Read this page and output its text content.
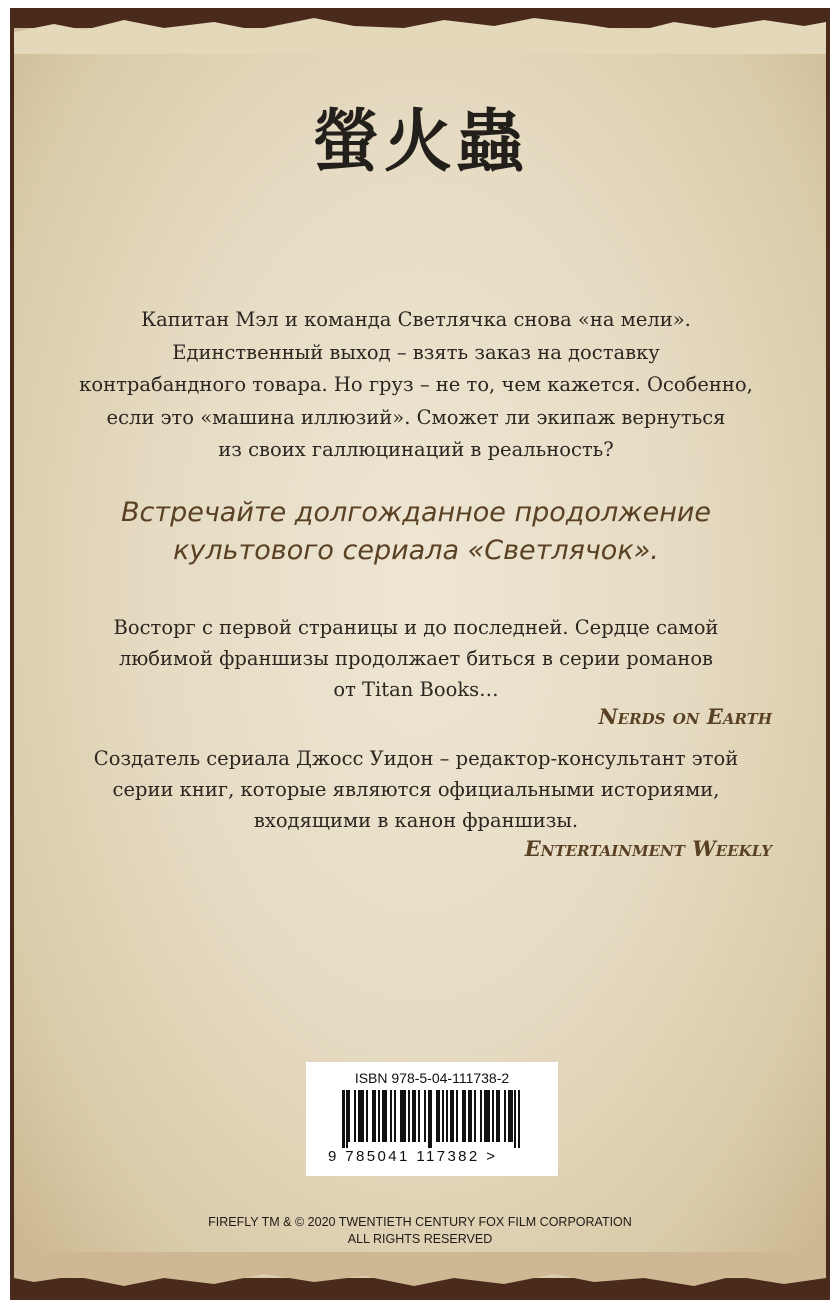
螢火蟲
Капитан Мэл и команда Светлячка снова «на мели».
Единственный выход – взять заказ на доставку
контрабандного товара. Но груз – не то, чем кажется. Особенно,
если это «машина иллюзий». Сможет ли экипаж вернуться
из своих галлюцинаций в реальность?
Встречайте долгожданное продолжение
культового сериала «Светлячок».
Восторг с первой страницы и до последней. Сердце самой
любимой франшизы продолжает биться в серии романов
от Titan Books…
Nerds on Earth
Создатель сериала Джосс Уидон – редактор-консультант этой
серии книг, которые являются официальными историями,
входящими в канон франшизы.
Entertainment Weekly
ISBN 978-5-04-111738-2
9 785041 117382 >
FIREFLY TM & © 2020 TWENTIETH CENTURY FOX FILM CORPORATION
ALL RIGHTS RESERVED
